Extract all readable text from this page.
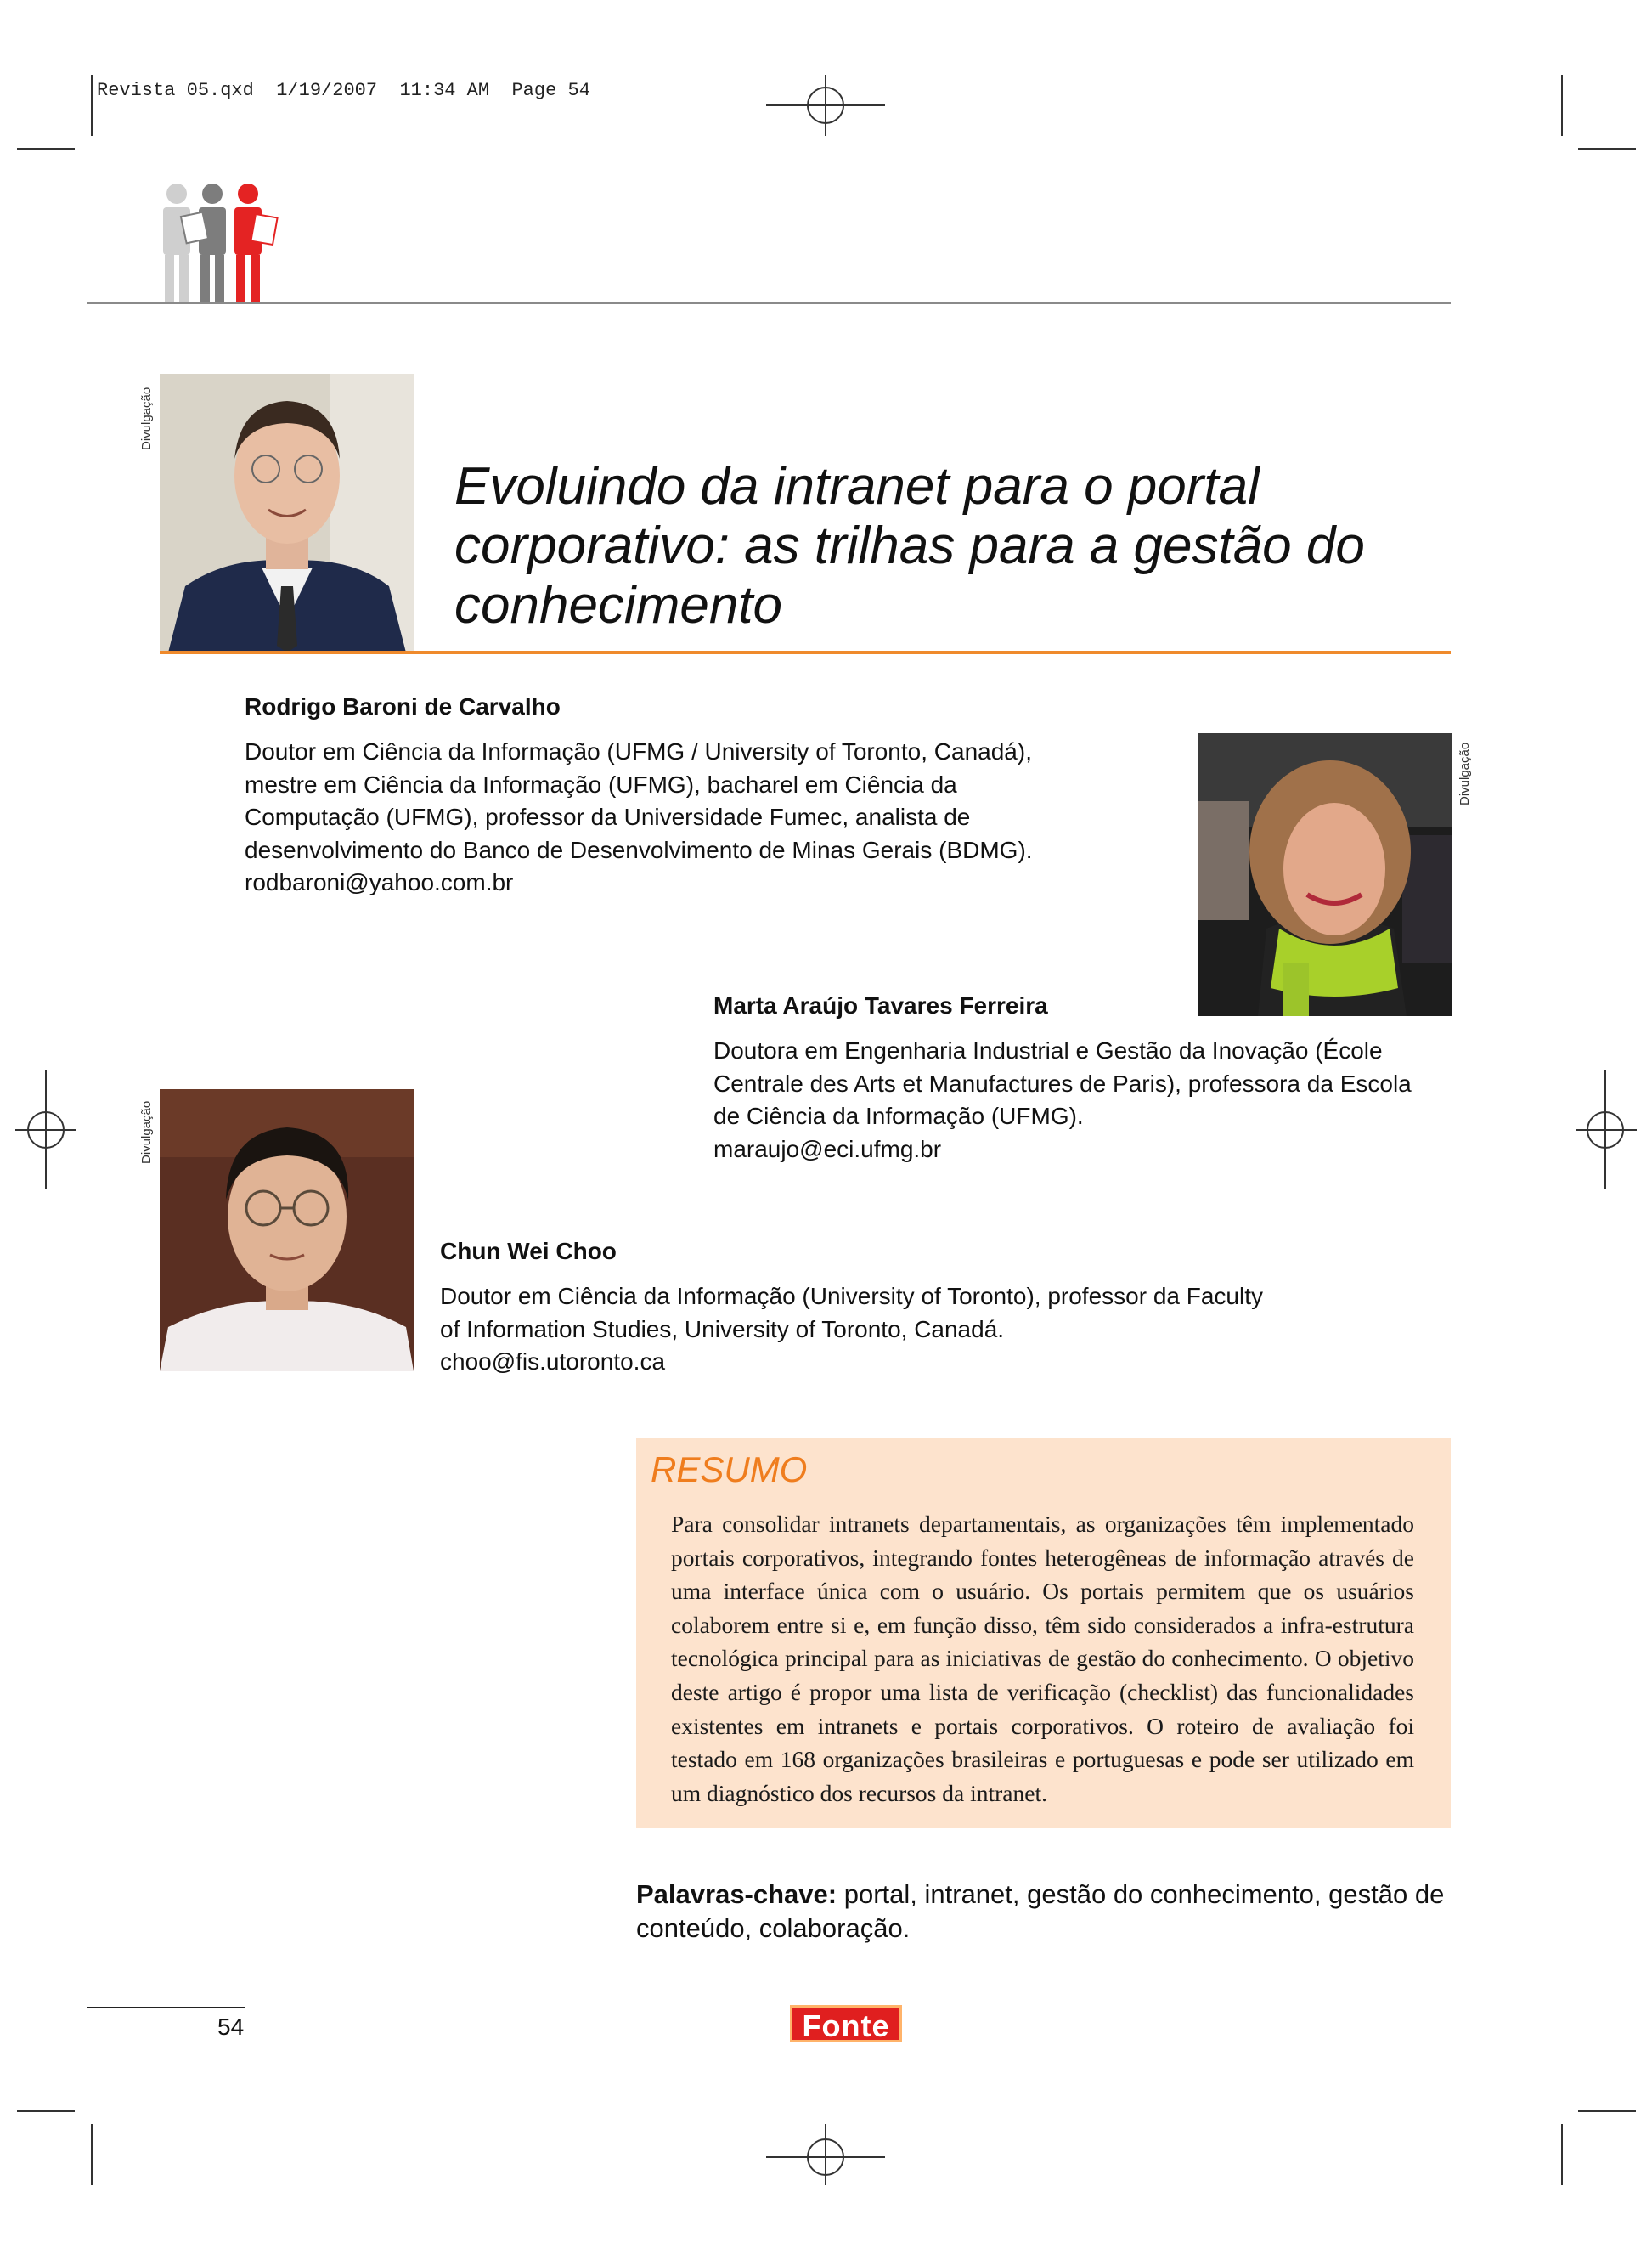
Revista 05.qxd  1/19/2007  11:34 AM  Page 54
Divulgação
Evoluindo da intranet para o portal corporativo: as trilhas para a gestão do conhecimento
Rodrigo Baroni de Carvalho
Doutor em Ciência da Informação (UFMG / University of Toronto, Canadá), mestre em Ciência da Informação (UFMG), bacharel em Ciência da Computação (UFMG), professor da Universidade Fumec, analista de desenvolvimento do Banco de Desenvolvimento de Minas Gerais (BDMG).
rodbaroni@yahoo.com.br
Divulgação
Marta Araújo Tavares Ferreira
Doutora em Engenharia Industrial e Gestão da Inovação (École Centrale des Arts et Manufactures de Paris), professora da Escola de Ciência da Informação (UFMG).
maraujo@eci.ufmg.br
Divulgação
Chun Wei Choo
Doutor em Ciência da Informação (University of Toronto), professor da Faculty of Information Studies, University of Toronto, Canadá.
choo@fis.utoronto.ca
RESUMO
Para consolidar intranets departamentais, as organizações têm implementado portais corporativos, integrando fontes heterogêneas de informação através de uma interface única com o usuário. Os portais permitem que os usuários colaborem entre si e, em função disso, têm sido considerados a infra-estrutura tecnológica principal para as iniciativas de gestão do conhecimento. O objetivo deste artigo é propor uma lista de verificação (checklist) das funcionalidades existentes em intranets e portais corporativos. O roteiro de avaliação foi testado em 168 organizações brasileiras e portuguesas e pode ser utilizado em um diagnóstico dos recursos da intranet.
Palavras-chave: portal, intranet, gestão do conhecimento, gestão de conteúdo, colaboração.
54	Fonte
